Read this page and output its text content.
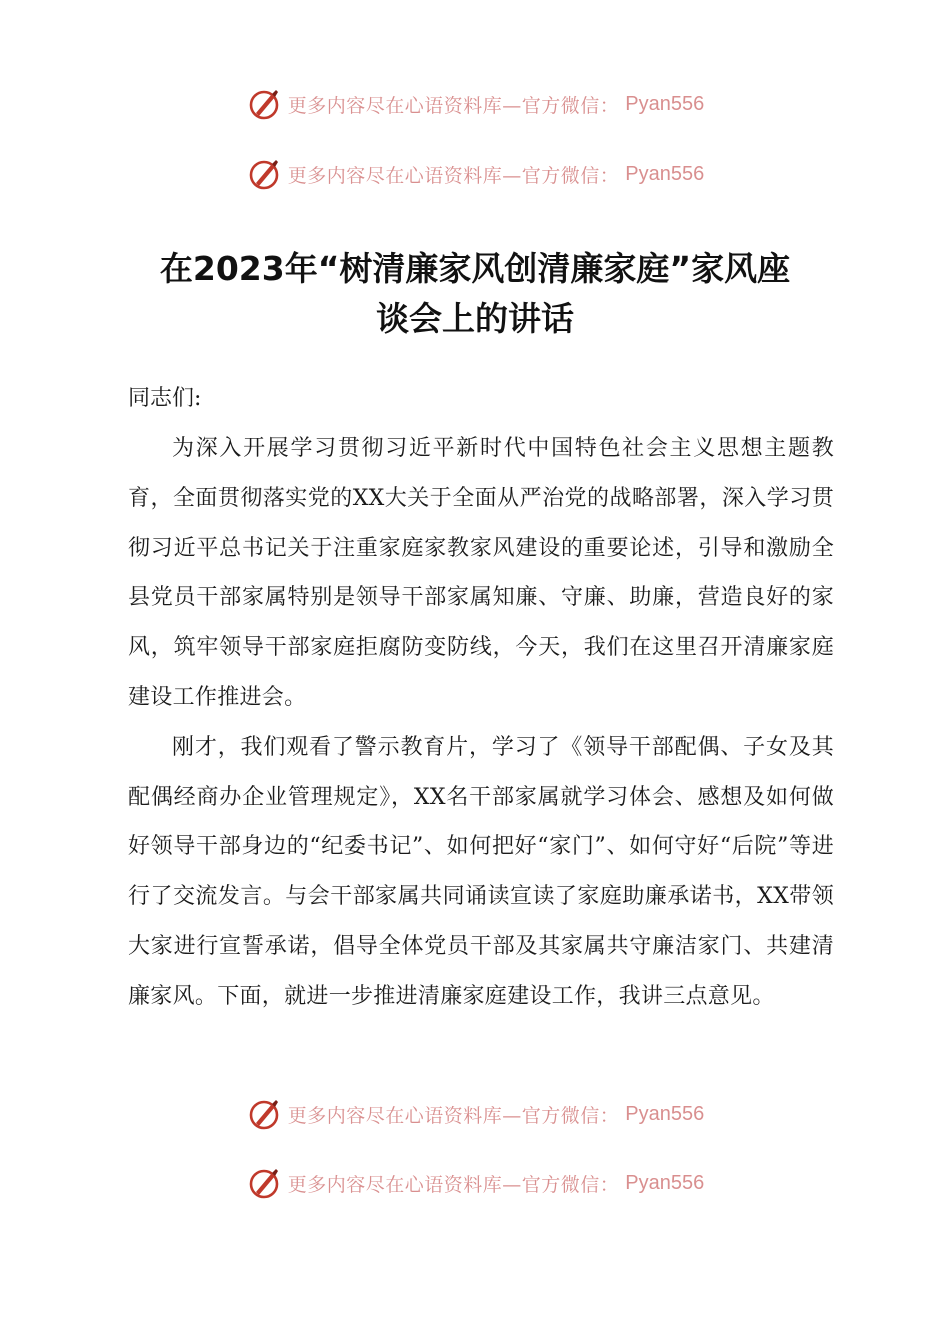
更多内容尽在心语资料库—官方微信： Pyan556
更多内容尽在心语资料库—官方微信： Pyan556
在2023年“树清廉家风创清廉家庭”家风座
谈会上的讲话

同志们:

为深入开展学习贯彻习近平新时代中国特色社会主义思想主题教育，全面贯彻落实党的XX大关于全面从严治党的战略部署，深入学习贯彻习近平总书记关于注重家庭家教家风建设的重要论述，引导和激励全县党员干部家属特别是领导干部家属知廉、守廉、助廉，营造良好的家风，筑牢领导干部家庭拒腐防变防线，今天，我们在这里召开清廉家庭建设工作推进会。

刚才，我们观看了警示教育片，学习了《领导干部配偶、子女及其配偶经商办企业管理规定》，XX名干部家属就学习体会、感想及如何做好领导干部身边的“纪委书记”、如何把好“家门”、如何守好“后院”等进行了交流发言。与会干部家属共同诵读宣读了家庭助廉承诺书，XX带领大家进行宣誓承诺，倡导全体党员干部及其家属共守廉洁家门、共建清廉家风。下面，就进一步推进清廉家庭建设工作，我讲三点意见。

更多内容尽在心语资料库—官方微信： Pyan556
更多内容尽在心语资料库—官方微信： Pyan556
